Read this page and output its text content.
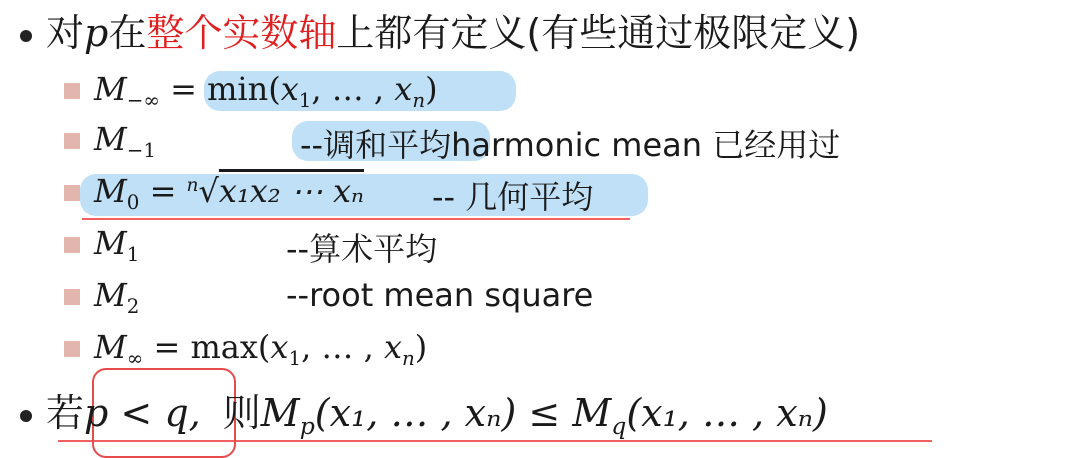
对p在整个实数轴上都有定义(有些通过极限定义)
$M_{-\infty} = \min(x_1$, … , $x_n$)
$M_{-1}$	--调和平均harmonic mean 已经用过
$M_0 = ^n√x_1x_2$ ⋯ xₙ -- 几何平均
$M_1$	--算术平均
$M_2$	--root mean square
$M_\infty = \max(x_1$, … , $x_n$)
若p < q, 则$M_p(x_1$, … , $x_n) \le M_q(x_1$, … , xₙ)
